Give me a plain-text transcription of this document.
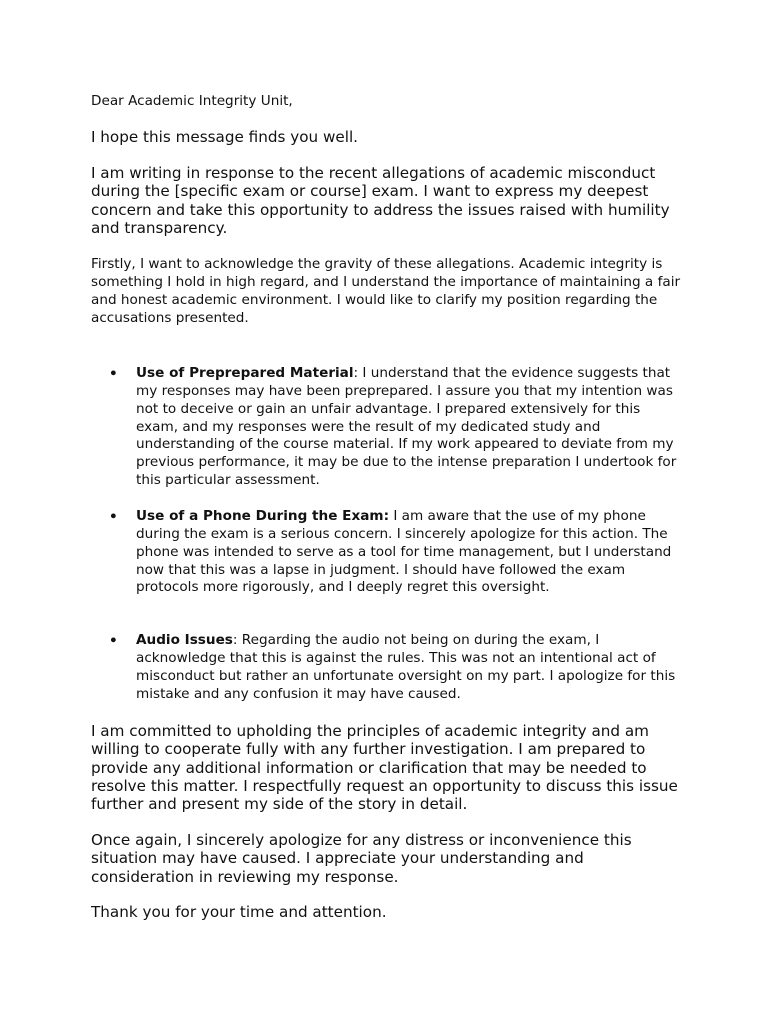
Dear Academic Integrity Unit,

I hope this message finds you well.

I am writing in response to the recent allegations of academic misconduct during the [specific exam or course] exam. I want to express my deepest concern and take this opportunity to address the issues raised with humility and transparency.

Firstly, I want to acknowledge the gravity of these allegations. Academic integrity is something I hold in high regard, and I understand the importance of maintaining a fair and honest academic environment. I would like to clarify my position regarding the accusations presented.

• Use of Preprepared Material: I understand that the evidence suggests that my responses may have been preprepared. I assure you that my intention was not to deceive or gain an unfair advantage. I prepared extensively for this exam, and my responses were the result of my dedicated study and understanding of the course material. If my work appeared to deviate from my previous performance, it may be due to the intense preparation I undertook for this particular assessment.

• Use of a Phone During the Exam: I am aware that the use of my phone during the exam is a serious concern. I sincerely apologize for this action. The phone was intended to serve as a tool for time management, but I understand now that this was a lapse in judgment. I should have followed the exam protocols more rigorously, and I deeply regret this oversight.

• Audio Issues: Regarding the audio not being on during the exam, I acknowledge that this is against the rules. This was not an intentional act of misconduct but rather an unfortunate oversight on my part. I apologize for this mistake and any confusion it may have caused.

I am committed to upholding the principles of academic integrity and am willing to cooperate fully with any further investigation. I am prepared to provide any additional information or clarification that may be needed to resolve this matter. I respectfully request an opportunity to discuss this issue further and present my side of the story in detail.

Once again, I sincerely apologize for any distress or inconvenience this situation may have caused. I appreciate your understanding and consideration in reviewing my response.

Thank you for your time and attention.
